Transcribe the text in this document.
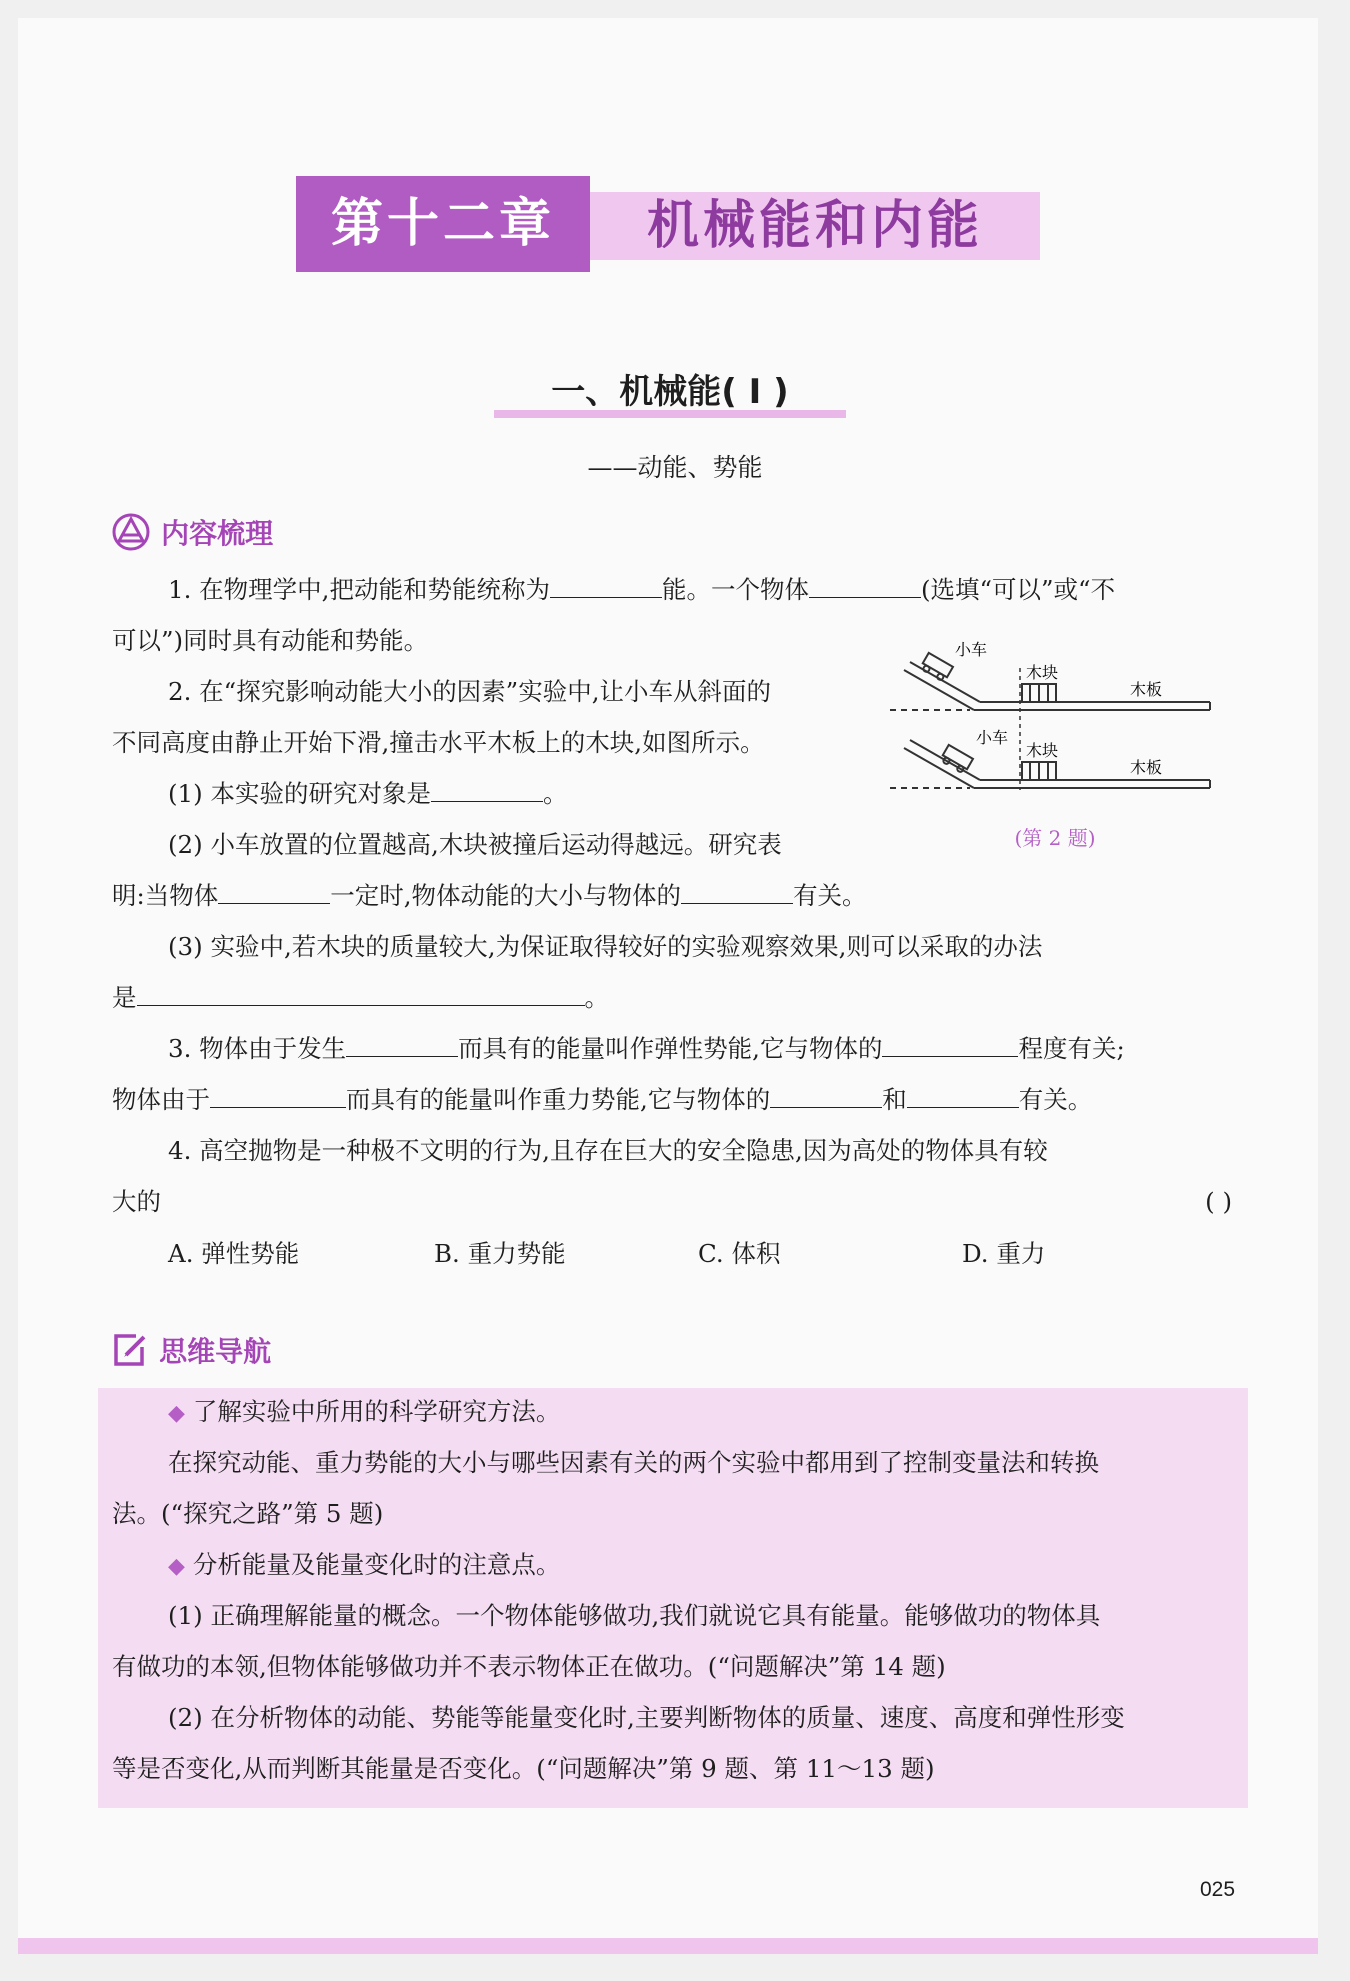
第十二章	机械能和内能
一、机械能( Ⅰ )
——动能、势能
内容梳理
1. 在物理学中,把动能和势能统称为	能。一个物体	(选填“可以”或“不
可以”)同时具有动能和势能。
2. 在“探究影响动能大小的因素”实验中,让小车从斜面的
不同高度由静止开始下滑,撞击水平木板上的木块,如图所示。
(1) 本实验的研究对象是	。
(2) 小车放置的位置越高,木块被撞后运动得越远。研究表
明:当物体	一定时,物体动能的大小与物体的	有关。
(3) 实验中,若木块的质量较大,为保证取得较好的实验观察效果,则可以采取的办法
是	。
小车
木块
木板
小车
木块
木板
(第 2 题)
3. 物体由于发生	而具有的能量叫作弹性势能,它与物体的	程度有关;
物体由于	而具有的能量叫作重力势能,它与物体的	和	有关。
4. 高空抛物是一种极不文明的行为,且存在巨大的安全隐患,因为高处的物体具有较
大的	( )
A. 弹性势能	B. 重力势能	C. 体积	D. 重力
思维导航
◆ 了解实验中所用的科学研究方法。
在探究动能、重力势能的大小与哪些因素有关的两个实验中都用到了控制变量法和转换
法。(“探究之路”第 5 题)
◆ 分析能量及能量变化时的注意点。
(1) 正确理解能量的概念。一个物体能够做功,我们就说它具有能量。能够做功的物体具
有做功的本领,但物体能够做功并不表示物体正在做功。(“问题解决”第 14 题)
(2) 在分析物体的动能、势能等能量变化时,主要判断物体的质量、速度、高度和弹性形变
等是否变化,从而判断其能量是否变化。(“问题解决”第 9 题、第 11～13 题)
025
